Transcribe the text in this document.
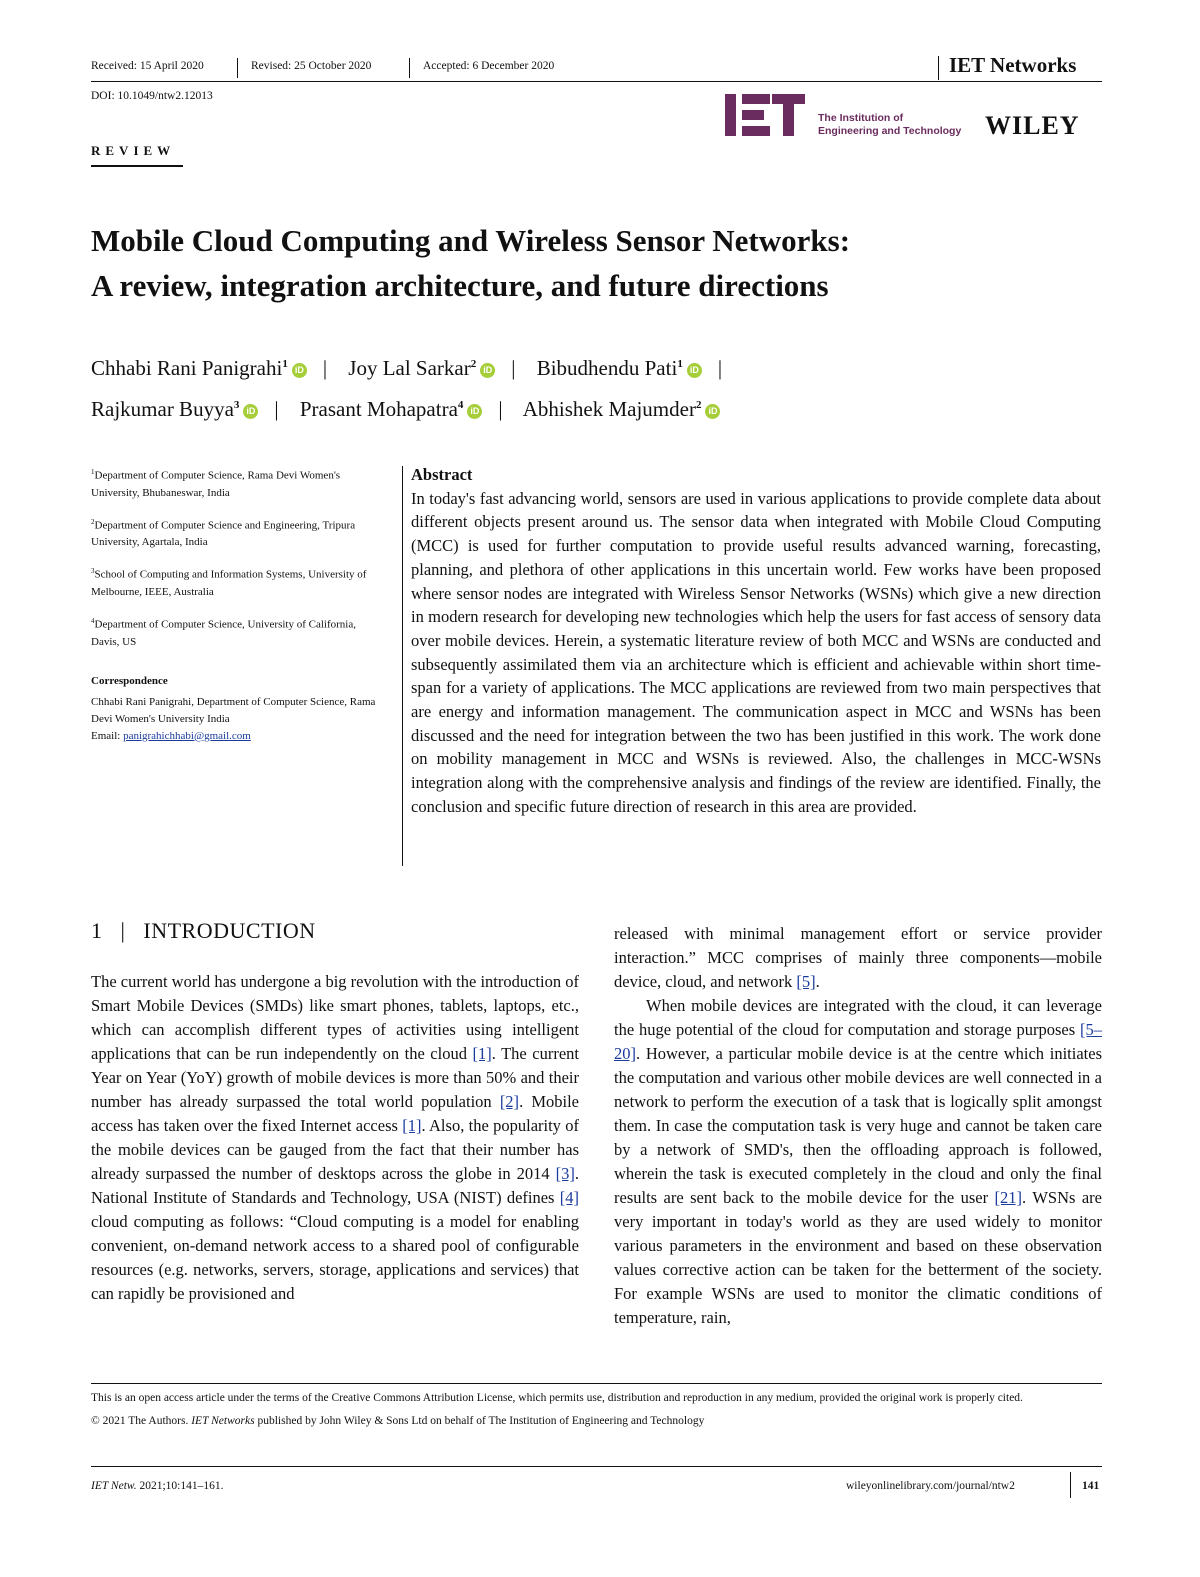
Received: 15 April 2020	Revised: 25 October 2020	Accepted: 6 December 2020	IET Networks
DOI: 10.1049/ntw2.12013
The Institution of
Engineering and Technology WILEY
REVIEW
Mobile Cloud Computing and Wireless Sensor Networks:
A review, integration architecture, and future directions
Chhabi Rani Panigrahi$^1$ iD | Joy Lal Sarkar$^2$ iD | Bibudhendu Pati$^1$ iD |
Rajkumar Buyya$^3$ iD | Prasant Mohapatra$^4$ iD | Abhishek Majumder$^2$ iD

$^1$Department of Computer Science, Rama Devi Women's University, Bhubaneswar, India

$^2$Department of Computer Science and Engineering, Tripura University, Agartala, India

$^3$School of Computing and Information Systems, University of Melbourne, IEEE, Australia

$^4$Department of Computer Science, University of California, Davis, US

Correspondence

Chhabi Rani Panigrahi, Department of Computer Science, Rama Devi Women's University India

Email: panigrahichhabi@gmail.com

Abstract
In today's fast advancing world, sensors are used in various applications to provide complete data about different objects present around us. The sensor data when integrated with Mobile Cloud Computing (MCC) is used for further computation to provide useful results advanced warning, forecasting, planning, and plethora of other applications in this uncertain world. Few works have been proposed where sensor nodes are integrated with Wireless Sensor Networks (WSNs) which give a new direction in modern research for developing new technologies which help the users for fast access of sensory data over mobile devices. Herein, a systematic literature review of both MCC and WSNs are conducted and subsequently assimilated them via an architecture which is efficient and achievable within short time-span for a variety of applications. The MCC applications are reviewed from two main perspectives that are energy and information management. The communication aspect in MCC and WSNs has been discussed and the need for integration between the two has been justified in this work. The work done on mobility management in MCC and WSNs is reviewed. Also, the challenges in MCC-WSNs integration along with the comprehensive analysis and findings of the review are identified. Finally, the conclusion and specific future direction of research in this area are provided.
1 | INTRODUCTION

The current world has undergone a big revolution with the introduction of Smart Mobile Devices (SMDs) like smart phones, tablets, laptops, etc., which can accomplish different types of activities using intelligent applications that can be run independently on the cloud [1]. The current Year on Year (YoY) growth of mobile devices is more than 50% and their number has already surpassed the total world population [2]. Mobile access has taken over the fixed Internet access [1]. Also, the popularity of the mobile devices can be gauged from the fact that their number has already surpassed the number of desktops across the globe in 2014 [3]. National Institute of Standards and Technology, USA (NIST) defines [4] cloud computing as follows: “Cloud computing is a model for enabling convenient, on-demand network access to a shared pool of configurable resources (e.g. networks, servers, storage, applications and services) that can rapidly be provisioned and

released with minimal management effort or service provider interaction.” MCC comprises of mainly three components—mobile device, cloud, and network [5].

When mobile devices are integrated with the cloud, it can leverage the huge potential of the cloud for computation and storage purposes [5–20]. However, a particular mobile device is at the centre which initiates the computation and various other mobile devices are well connected in a network to perform the execution of a task that is logically split amongst them. In case the computation task is very huge and cannot be taken care by a network of SMD's, then the offloading approach is followed, wherein the task is executed completely in the cloud and only the final results are sent back to the mobile device for the user [21]. WSNs are very important in today's world as they are used widely to monitor various parameters in the environment and based on these observation values corrective action can be taken for the betterment of the society. For example WSNs are used to monitor the climatic conditions of temperature, rain,

This is an open access article under the terms of the Creative Commons Attribution License, which permits use, distribution and reproduction in any medium, provided the original work is properly cited.
© 2021 The Authors. IET Networks published by John Wiley & Sons Ltd on behalf of The Institution of Engineering and Technology
IET Netw. 2021;10:141–161.	wileyonlinelibrary.com/journal/ntw2	141
